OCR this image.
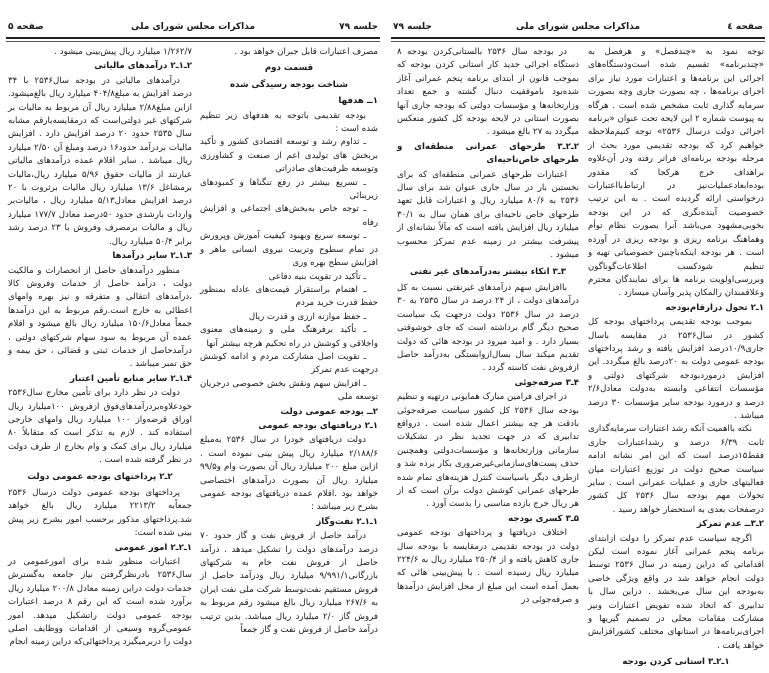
جلسه ۷۹
مذاکرات مجلس شورای ملی
صفحه ۵

مصرف اعتبارات قابل جبران خواهد بود .

قسمت دوم

شناخت بودجه رسیدگی شده

۱ــ هدفها

بودجه تقدیمی باتوجه به هدفهای زیر تنظیم شده است :

ـ تداوم رشد و توسعه اقتصادی کشور و تأکید بربخش های تولیدی اعم از صنعت و کشاورزی وتوسعه ظرفیت‌های صادراتی

ـ تسریع بیشتر در رفع تنگناها و کمبودهای زیربنائی

ـ توجه خاص به‌بخش‌های اجتماعی و افزایش رفاه

ـ توسعه سریع وبهبود کیفیت آموزش وپرورش در تمام سطوح وتربیت نیروی انسانی ماهر و افزایش سطح بهره وری

ـ تأکید در تقویت بنیه دفاعی

ـ اهتمام براستقرار قیمت‌های عادله بمنظور حفظ قدرت خرید مردم

ـ حفظ موازنه ارزی و قدرت ریال

ـ تأکید برفرهنگ ملی و زمینه‌های معنوی واخلاقی و کوشش در راه تحکیم هرچه بیشتر آنها

ـ تقویت اصل مشارکت مردم و ادامه کوشش درجهت عدم تمرکز

ـ افزایش سهم ونقش بخش خصوصی درجریان توسعه ملی

۲ــ بودجه عمومی دولت

۱ـ۲ دریافتهای بودجه عمومی

دولت دریافتهای خودرا در سال ۲۵۳۶ به‌مبلغ ۲/۱۸۸/۶ میلیارد ریال پیش بینی نموده است . ازاین مبلغ ۲۰۰ میلیارد ریال آن بصورت وام و۹۹/۵ میلیارد ریال آن بصورت درآمدهای اختصاصی خواهد بود .اقلام عمده دریافتهای بودجه عمومی بشرح زیر میباشد :

۱ـ۱ـ۲ نفت‌وگاز

درآمد حاصل از فروش نفت و گاز حدود ۷۰ درصد درآمدهای دولت را تشکیل میدهد . درآمد حاصل از فروش نفت خام به شرکتهای بازرگانی۹/۹۹۱/۱ میلیارد ریال ودرآمد حاصل از فروش مستقیم نفت‌توسط شرکت ملی نفت ایران به ۲۶۷/۶ میلیارد ریال بالغ میشود رقم مربوط به فروش گاز ۲/۰ میلیارد ریال میباشد. بدین ترتیب درآمد حاصل از فروش نفت و گاز جمعاً

۱/۲۶۲/۷ میلیارد ریال پیش‌بینی میشود .

۲ـ۱ـ۲ درآمدهای مالیاتی

درآمدهای مالیاتی در بودجه سال۲۵۳۶ با ۳۴ درصد افزایش به مبلغ۴۰۴/۸ میلیارد ریال بالغ‌میشود. ازاین مبلغ۲/۸۸ میلیارد ریال آن مربوط به مالیات بر شرکتهای غیر دولتی‌است که درمقایسه‌بارقم مشابه سال ۲۵۳۵ حدود ۲۰ درصد افزایش دارد . افزایش مالیات بردرآمد حدود۱۶ درصد ومبلغ آن ۲/۵۰ میلیارد ریال میباشد . سایر اقلام عمده درآمدهای مالیاتی عبارتند از مالیات حقوق ۵/۹۶ میلیارد ریال،مالیات برمشاغل ۱۳/۶ میلیارد ریال مالیات برثروت با ۲۰ درصد افزایش معادل۵/۱۳ میلیارد ریال ، مالیات‌بر واردات بارشدی حدود ۵۰درصد معادل ۱۷۷/۷ میلیارد ریال و مالیات برمصرف وفروش با ۲۳ درصد رشد برابر ۵۰/۴ میلیارد ریال.

۳ـ۱ـ۲ سایر درآمدها

منظور درآمدهای حاصل از انحصارات و مالکیت دولت ، درآمد حاصل از خدمات وفروش کالا ،درآمدهای انتقالی و متفرقه و نیز بهره وامهای اعطائی به خارج است.رقم مربوط به این درآمدها جمعاً معادل۱۵۰/۶ میلیارد ریال بالغ میشود و اقلام عمده آن مربوط به سود سهام شرکتهای دولتی ، درآمدحاصل از خدمات ثبتی و قضائی ، حق بیمه و حق تمبر میباشد .

۴ـ۱ـ۲ سایر منابع تأمین اعتبار

دولت در نظر دارد برای تأمین مخارج سال۲۵۳۶ خودعلاوه‌بردرآمدهای‌فوق ازفروش ۱۰۰میلیارد ریال اوراق قرضه‌واز ۱۰۰ میلیارد ریال وامهای خارجی استفاده کند . لازم به تذکر است که متقابلاً ۸۰ میلیارد ریال برای کمک و وام بخارج از طرف دولت در نظر گرفته شده است .

۲ـ۲ پرداختهای بودجه عمومی دولت

پرداختهای بودجه عمومی دولت درسال ۲۵۳۶ جمعاًبه ۲۲۱۳/۲ میلیارد ریال بالغ خواهد شد.پرداختهای مذکور برحسب امور بشرح زیر پیش بینی شده است:

۱ـ۲ـ۲ امور عمومی

اعتبارات منظور شده برای امورعمومی در سال۲۵۳۶ بادرنظرگرفتن نیاز جامعه به‌گسترش خدمات دولت دراین زمینه معادل ۲۰۰/۸ میلیارد ریال برآورد شده است که این رقم ۸ درصد اعتبارات بودجه عمومی دولت راتشکیل میدهد. امور عمومی‌گروه وسیعی از اقدامات ووظایف اصلی دولت را دربرمیگیرد پرداختهائی‌که دراین زمینه انجام

صفحه ٤
مذاکرات مجلس شورای ملی
جلسه ۷۹

توجه نمود به «چندفصل» و هرفصل به «چندبرنامه» تقسیم شده است‌ودستگاه‌های اجرائی این برنامه‌ها و اعتبارات مورد نیاز برای اجرای برنامه‌ها ، چه بصورت جاری وچه بصورت سرمایه گذاری ثابت مشخص شده است . هرگاه به پیوست شماره ۲ این لایحه تحت عنوان «برنامه اجرائی دولت درسال ۲۵۳۶» توجه کنیم‌ملاحظه خواهیم کرد که بودجه تقدیمی مورد بحث از مرحله بودجه برنامه‌ای فراتر رفته ودر آن‌علاوه براهداف خرج هرکجا که مقدور بوده‌ابعادعملیات‌نیز در ارتباط‌بااعتبارات درخواستی ارائه گردیده است . به این ترتیب خصوصیت آینده‌نگری که در این بودجه بخوبی‌مشهود می‌باشد آنرا بصورت نظام توأم وهماهنگ برنامه ریزی و بودجه ریزی در آورده است . هر بودجه اینکه‌باچنین خصوصیاتی تهیه و تنظیم شود‌کسب اطلاعات‌گوناگون وبررسی‌اولویت برنامه ها برای نمایندگان محترم وعلاقمندان رالمکان پذیر وآسان میسازد .

۱ـ۲ تحول درارقام‌بودجه

بموجب بودجه تقدیمی پرداختهای بودجه کل کشور در سال۲۵۳۶ در مقایسه باسال جاری۱۰/۹درصد افزایش یافته و رشد پرداختهای بودجه عمومی دولت به ۲۰درصد بالغ میگردد. این افزایش درموردبودجه شرکتهای دولتی و مؤسسات انتفاعی وابسته به‌دولت معادل۲/۶ درصد و درمورد بودجه سایر مؤسسات ۳۰ درصد میباشد .

نکته بااهمیت آنکه رشد اعتبارات سرمایه‌گذاری ثابت ۶/۳۹ درصد و رشداعتبارات جاری فقط۱۵درصد است که این امر نشانه ادامه سیاست صحیح دولت در توزیع اعتبارات میان فعالیتهای جاری و عملیات عمرانی است . سایر تحولات مهم بودجه سال ۲۵۳۶ کل کشور درصفحات بعدی به استحضار خواهد رسید .

۲ـ۳ــ عدم تمرکز

اگرچه سیاست عدم تمرکز را دولت ازابتدای برنامه پنجم عمرانی آغاز نموده است لیکن اقداماتی که دراین زمینه در سال ۲۵۳۶ توسط دولت انجام خواهد شد در واقع ویژگی خاصی به‌بودجه این سال می‌بخشد . دراین سال با تدابیری که اتخاذ شده تفویض اعتبارات ونیز مشارکت مقامات محلی در تصمیم گیریها و اجرای‌برنامه‌ها در استانهای مختلف کشورافزایش خواهد یافت .

۱ـ۲ـ۳ استانی کردن بودجه

در بودجه سال ۲۵۳۶ بالستانی‌کردن بودجه ۸ دستگاه اجرائی جدید کار استانی کردن بودجه که بموجب قانون از ابتدای برنامه پنجم عمرانی آغاز شده‌بود باموفقیت دنبال گشته و جمع تعداد وزارتخانه‌ها و مؤسسات دولتی که بودجه جاری آنها بصورت استانی در لایحه بودجه کل کشور منعکس میگردد به ۲۷ بالغ میشود .

۲ـ۲ـ۳ طرحهای عمرانی منطقه‌ای و طرحهای خاص‌ناحیه‌ای

اعتبارات طرحهای عمرانی منطقه‌ای که برای نخستین بار در سال جاری عنوان شد برای سال ۲۵۳۶ به ۸۰/۶ میلیارد ریال و اعتبارات قابل تعهد طرحهای خاص ناحیه‌ای برای همان سال به ۳۰/۱ میلیارد ریال افزایش یافته است که مآلاً نشانه‌ای از پیشرفت بیشتر در زمینه عدم تمرکز محسوب میشود .

۳ـ۳ اتکاء بیشتر به‌درآمدهای غیر نفتی

باافزایش سهم درآمدهای غیرنفتی نسبت به کل درآمدهای دولت ، از ۲۴ درصد در سال ۲۵۳۵ به ۳۰ درصد در سال ۲۵۳۶ دولت درجهت یک سیاست صحیح دیگر گام برداشته است که جای خوشوقتی بسیار دارد . و امید میرود در بودجه هائی که دولت تقدیم میکند سال بسال‌ازوابستگی به‌درآمد حاصل ازفروش نفت کاسته گردد .

۴ـ۳ صرفه‌جوئی

در اجرای فرامین مبارک همایونی درتهیه و تنظیم بودجه سال ۲۵۳۶ کل کشور سیاست صرفه‌جوئی بادقت هر چه بیشتر اعمال شده است . درواقع تدابیری که در جهت تجدید نظر در تشکیلات سازمانی وزارتخانه‌ها و مؤسسات‌دولتی وهمچنین حذف پست‌های‌سازمانی‌غیرضروری بکار برده شد و ازطرف دیگر باسیاست کنترل هزینه‌های تمام شده طرحهای عمرانی کوشش دولت برآن است که از هر ریال خرج بازده مناسبی را بدست آورد .

۵ـ۳ کسری بودجه

اختلاف دریافتها و پرداختهای بودجه عمومی دولت در بودجه تقدیمی درمقایسه با بودجه سال جاری کاهش یافته و از ۲۵۰/۴ میلیارد ریال به ۲۲۴/۶ میلیارد ریال رسیده است . با پیش‌بینی هائی که بعمل آمده است این مبلغ از محل افزایش درآمدها و صرفه‌جوئی در
